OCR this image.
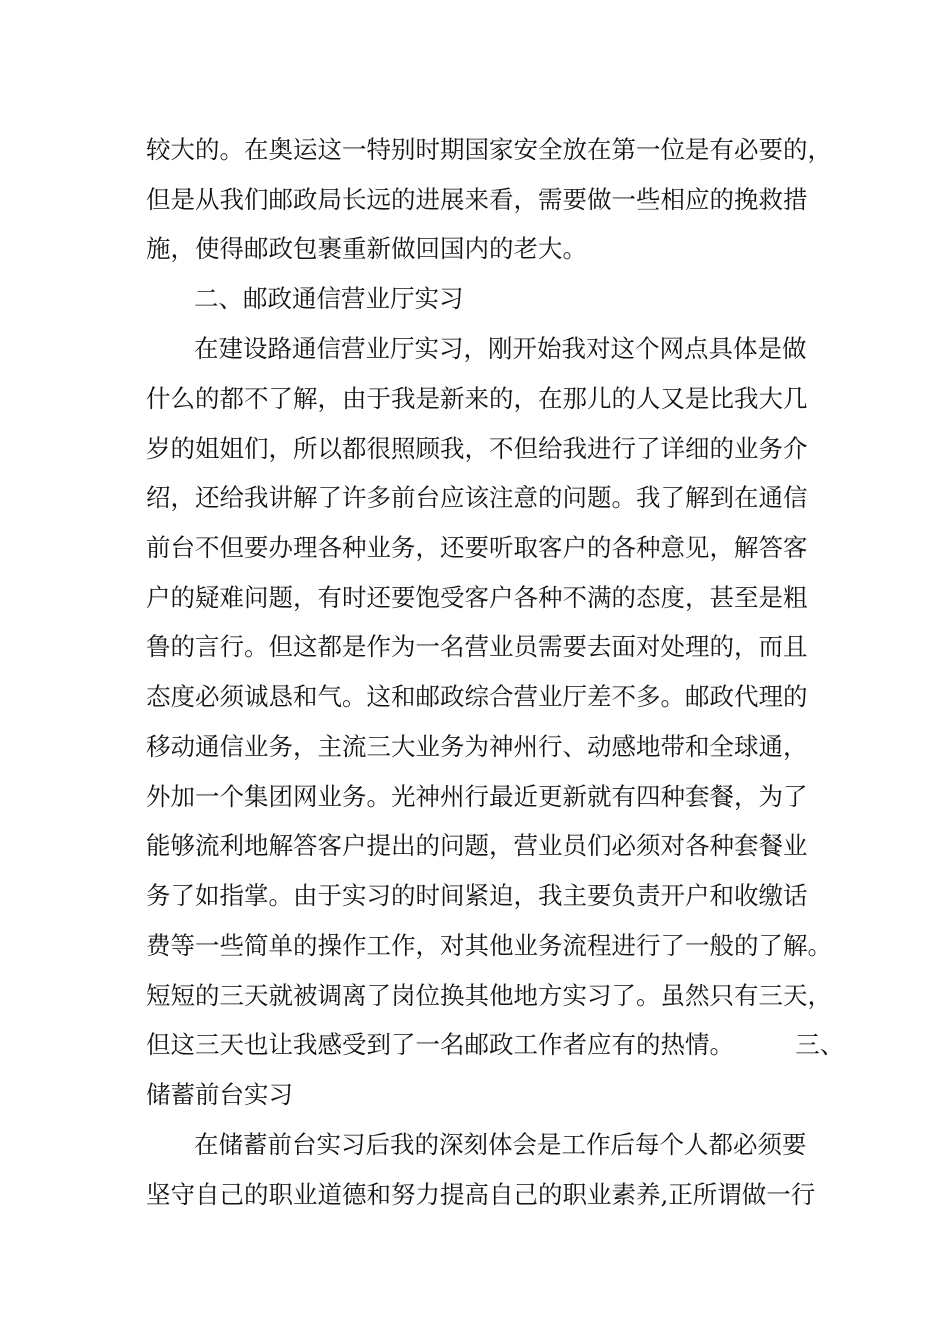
较大的。在奥运这一特别时期国家安全放在第一位是有必要的，

但是从我们邮政局长远的进展来看，需要做一些相应的挽救措

施，使得邮政包裹重新做回国内的老大。

二、邮政通信营业厅实习

在建设路通信营业厅实习，刚开始我对这个网点具体是做

什么的都不了解，由于我是新来的，在那儿的人又是比我大几

岁的姐姐们，所以都很照顾我，不但给我进行了详细的业务介

绍，还给我讲解了许多前台应该注意的问题。我了解到在通信

前台不但要办理各种业务，还要听取客户的各种意见，解答客

户的疑难问题，有时还要饱受客户各种不满的态度，甚至是粗

鲁的言行。但这都是作为一名营业员需要去面对处理的，而且

态度必须诚恳和气。这和邮政综合营业厅差不多。邮政代理的

移动通信业务，主流三大业务为神州行、动感地带和全球通，

外加一个集团网业务。光神州行最近更新就有四种套餐，为了

能够流利地解答客户提出的问题，营业员们必须对各种套餐业

务了如指掌。由于实习的时间紧迫，我主要负责开户和收缴话

费等一些简单的操作工作，对其他业务流程进行了一般的了解。

短短的三天就被调离了岗位换其他地方实习了。虽然只有三天，

但这三天也让我感受到了一名邮政工作者应有的热情。　　　三、

储蓄前台实习

在储蓄前台实习后我的深刻体会是工作后每个人都必须要

坚守自己的职业道德和努力提高自己的职业素养,正所谓做一行
